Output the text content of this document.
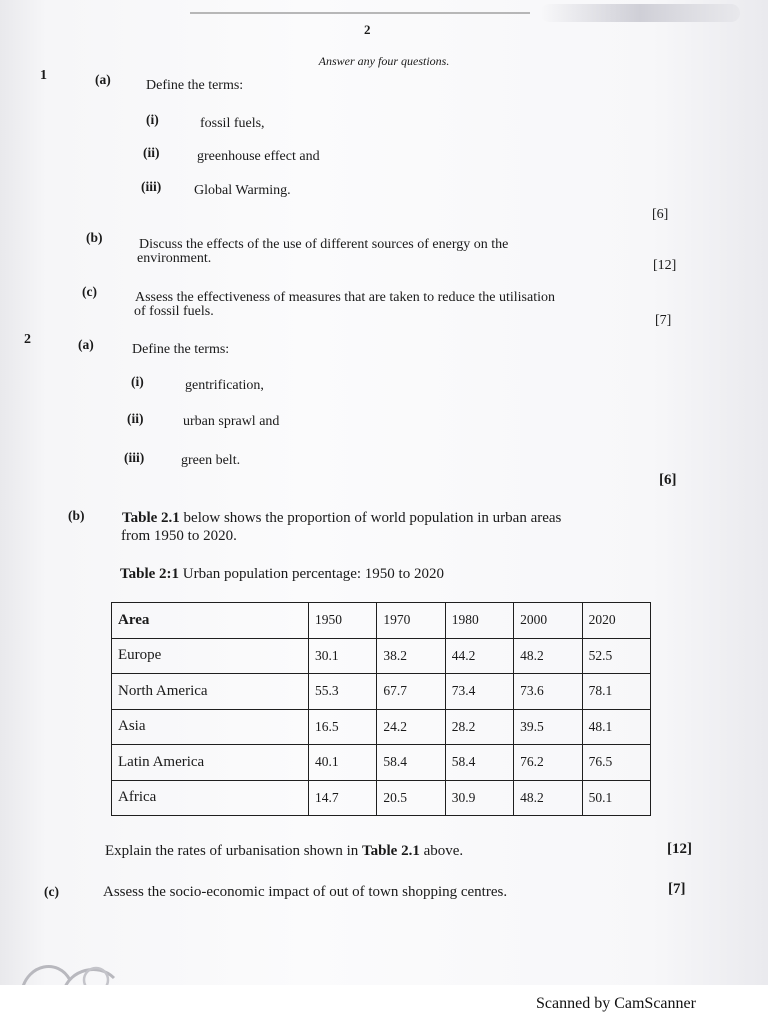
2
Answer any four questions.
1	(a)	Define the terms:
(i)	fossil fuels,
(ii)	greenhouse effect and
(iii) Global Warming.
[6]
(b)	Discuss the effects of the use of different sources of energy on the
environment.	[12]
(c)	Assess the effectiveness of measures that are taken to reduce the utilisation
of fossil fuels.
[7]
2	(a)	Define the terms:
(i)	gentrification,
(ii)	urban sprawl and
(iii)	green belt.
[6]
(b)	Table 2.1 below shows the proportion of world population in urban areas
from 1950 to 2020.
Table 2:1 Urban population percentage: 1950 to 2020
Area	1950	1970	1980	2000	2020
Europe	30.1	38.2	44.2	48.2	52.5
North America	55.3	67.7	73.4	73.6	78.1
Asia	16.5	24.2	28.2	39.5	48.1
Latin America	40.1	58.4	58.4	76.2	76.5
Africa	14.7	20.5	30.9	48.2	50.1
Explain the rates of urbanisation shown in Table 2.1 above.	[12]
(c)	Assess the socio-economic impact of out of town shopping centres.	[7]
Scanned by CamScanner
